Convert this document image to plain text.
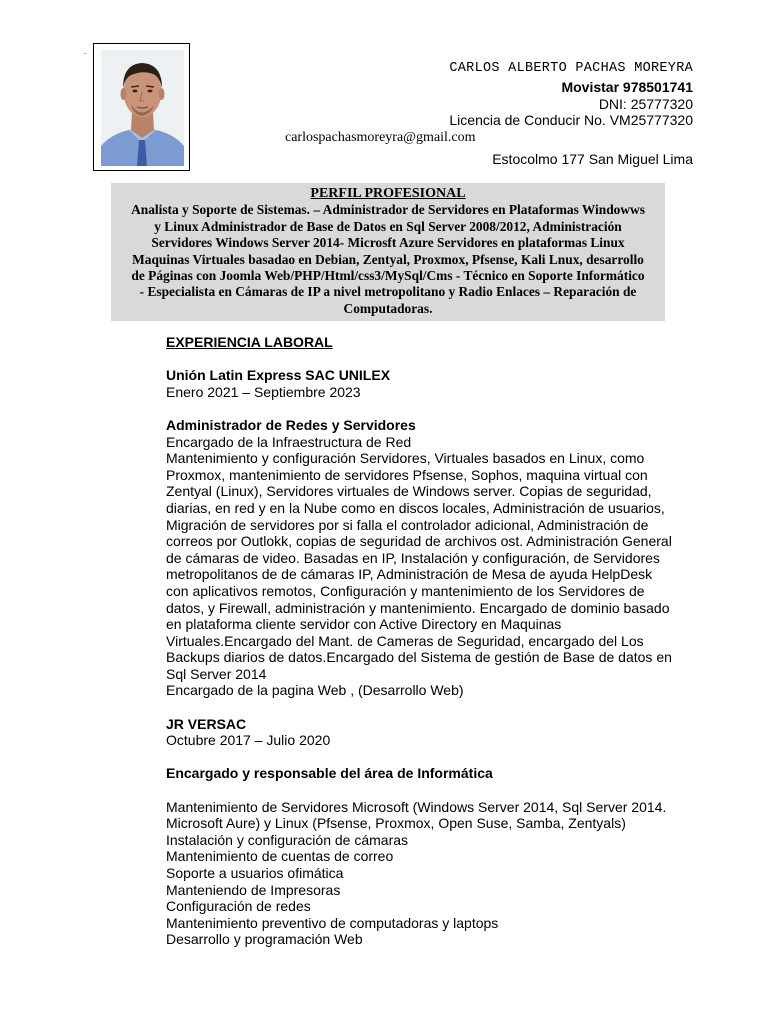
.
CARLOS ALBERTO PACHAS MOREYRA
Movistar 978501741
DNI: 25777320
Licencia de Conducir No. VM25777320
carlospachasmoreyra@gmail.com
Estocolmo 177 San Miguel Lima
PERFIL PROFESIONAL
Analista y Soporte de Sistemas. – Administrador de Servidores en Plataformas Windowws
y Linux Administrador de Base de Datos en Sql Server 2008/2012, Administración
Servidores Windows Server 2014- Microsft Azure Servidores en plataformas Linux
Maquinas Virtuales basadao en Debian, Zentyal, Proxmox, Pfsense, Kali Lnux, desarrollo
de Páginas con Joomla Web/PHP/Html/css3/MySql/Cms - Técnico en Soporte Informático
- Especialista en Cámaras de IP a nivel metropolitano y Radio Enlaces – Reparación de
Computadoras.
EXPERIENCIA LABORAL
Unión Latin Express SAC UNILEX
Enero 2021 – Septiembre 2023
Administrador de Redes y Servidores
Encargado de la Infraestructura de Red
Mantenimiento y configuración Servidores, Virtuales basados en Linux, como
Proxmox, mantenimiento de servidores Pfsense, Sophos, maquina virtual con
Zentyal (Linux), Servidores virtuales de Windows server. Copias de seguridad,
diarias, en red y en la Nube como en discos locales, Administración de usuarios,
Migración de servidores por si falla el controlador adicional, Administración de
correos por Outlokk, copias de seguridad de archivos ost. Administración General
de cámaras de video. Basadas en IP, Instalación y configuración, de Servidores
metropolitanos de de cámaras IP, Administración de Mesa de ayuda HelpDesk
con aplicativos remotos, Configuración y mantenimiento de los Servidores de
datos, y Firewall, administración y mantenimiento. Encargado de dominio basado
en plataforma cliente servidor con Active Directory en Maquinas
Virtuales.Encargado del Mant. de Cameras de Seguridad, encargado del Los
Backups diarios de datos.Encargado del Sistema de gestión de Base de datos en
Sql Server 2014
Encargado de la pagina Web , (Desarrollo Web)
JR VERSAC
Octubre 2017 – Julio 2020
Encargado y responsable del área de Informática
Mantenimiento de Servidores Microsoft (Windows Server 2014, Sql Server 2014.
Microsoft Aure) y Linux (Pfsense, Proxmox, Open Suse, Samba, Zentyals)
Instalación y configuración de cámaras
Mantenimiento de cuentas de correo
Soporte a usuarios ofimática
Manteniendo de Impresoras
Configuración de redes
Mantenimiento preventivo de computadoras y laptops
Desarrollo y programación Web
